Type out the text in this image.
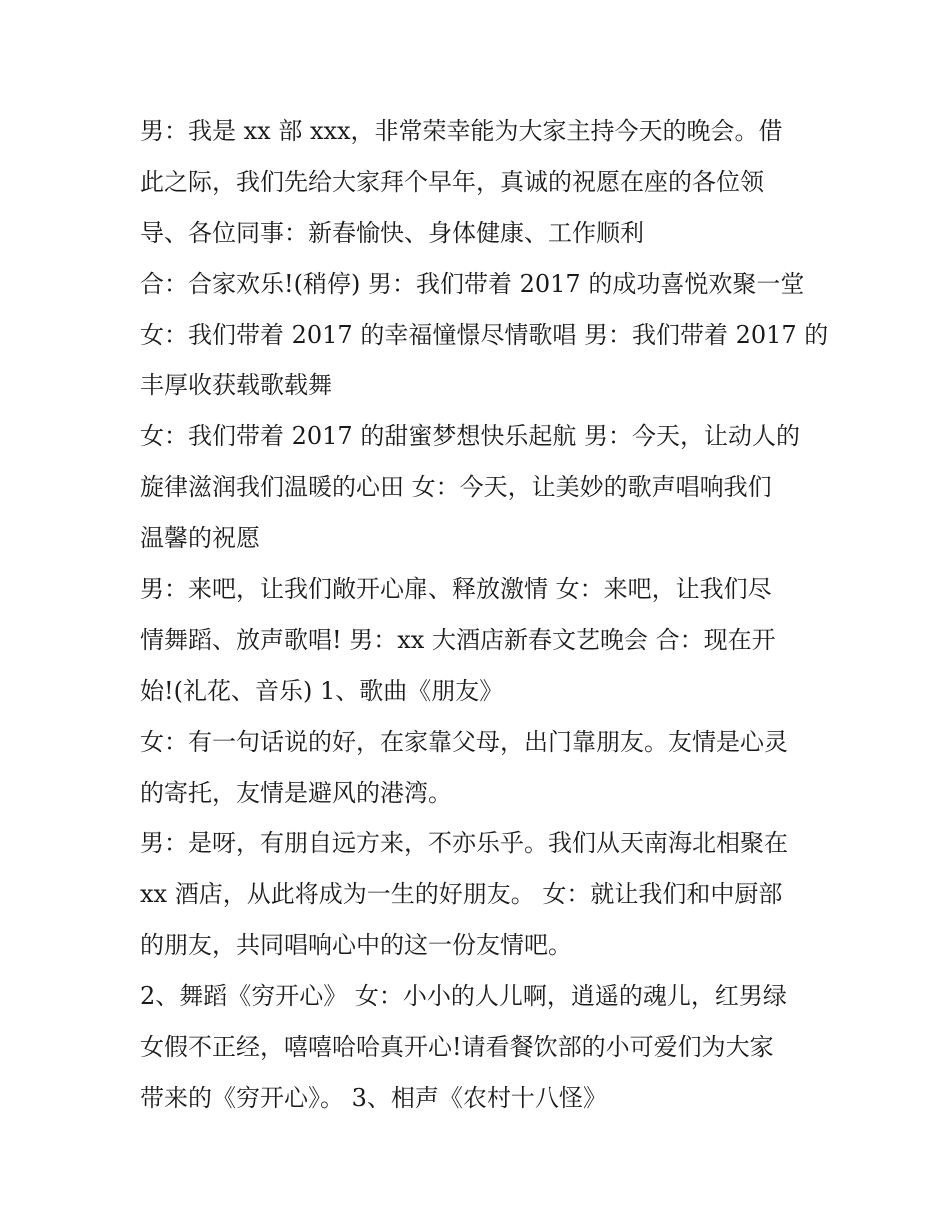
男：我是 xx 部 xxx，非常荣幸能为大家主持今天的晚会。借
此之际，我们先给大家拜个早年，真诚的祝愿在座的各位领
导、各位同事：新春愉快、身体健康、工作顺利
合：合家欢乐!(稍停) 男：我们带着 2017 的成功喜悦欢聚一堂
女：我们带着 2017 的幸福憧憬尽情歌唱 男：我们带着 2017 的
丰厚收获载歌载舞
女：我们带着 2017 的甜蜜梦想快乐起航 男：今天，让动人的
旋律滋润我们温暖的心田 女：今天，让美妙的歌声唱响我们
温馨的祝愿
男：来吧，让我们敞开心扉、释放激情 女：来吧，让我们尽
情舞蹈、放声歌唱! 男：xx 大酒店新春文艺晚会 合：现在开
始!(礼花、音乐) 1、歌曲《朋友》
女：有一句话说的好，在家靠父母，出门靠朋友。友情是心灵
的寄托，友情是避风的港湾。
男：是呀，有朋自远方来，不亦乐乎。我们从天南海北相聚在
xx 酒店，从此将成为一生的好朋友。 女：就让我们和中厨部
的朋友，共同唱响心中的这一份友情吧。
2、舞蹈《穷开心》 女：小小的人儿啊，逍遥的魂儿，红男绿
女假不正经，嘻嘻哈哈真开心!请看餐饮部的小可爱们为大家
带来的《穷开心》。 3、相声《农村十八怪》
